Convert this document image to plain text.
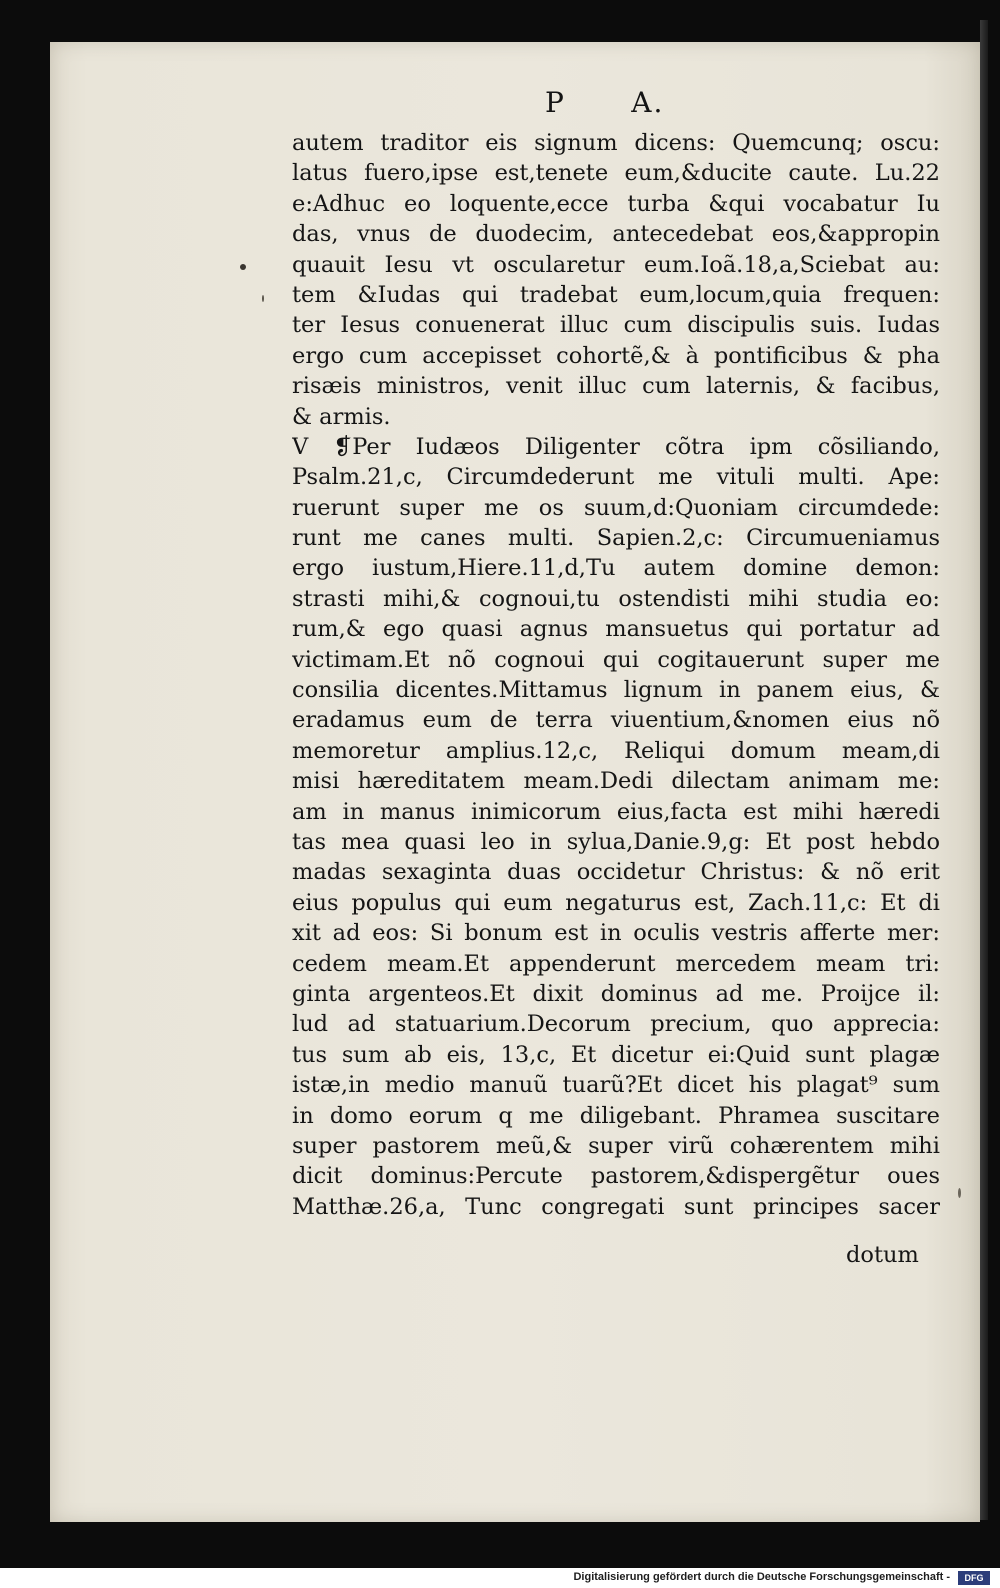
P      A.
autem traditor eis signum dicens: Quemcunq; oscu:
latus fuero,ipse est,tenete eum,&ducite caute. Lu.22
e:Adhuc eo loquente,ecce turba &qui vocabatur Iu
das, vnus de duodecim, antecedebat eos,&appropin
quauit Iesu vt oscularetur eum.Ioã.18,a,Sciebat au:
tem &Iudas qui tradebat eum,locum,quia frequen:
ter Iesus conuenerat illuc cum discipulis suis. Iudas
ergo cum accepisset cohortẽ,& à pontificibus & pha
risæis ministros, venit illuc cum laternis, & facibus,
& armis.
V ❡Per Iudæos Diligenter cõtra ipm cõsiliando,
Psalm.21,c, Circumdederunt me vituli multi. Ape:
ruerunt super me os suum,d:Quoniam circumdede:
runt me canes multi. Sapien.2,c: Circumueniamus
ergo iustum,Hiere.11,d,Tu autem domine demon:
strasti mihi,& cognoui,tu ostendisti mihi studia eo:
rum,& ego quasi agnus mansuetus qui portatur ad
victimam.Et nõ cognoui qui cogitauerunt super me
consilia dicentes.Mittamus lignum in panem eius, &
eradamus eum de terra viuentium,&nomen eius nõ
memoretur amplius.12,c, Reliqui domum meam,di
misi hæreditatem meam.Dedi dilectam animam me:
am in manus inimicorum eius,facta est mihi hæredi
tas mea quasi leo in sylua,Danie.9,g: Et post hebdo
madas sexaginta duas occidetur Christus: & nõ erit
eius populus qui eum negaturus est, Zach.11,c: Et di
xit ad eos: Si bonum est in oculis vestris afferte mer:
cedem meam.Et appenderunt mercedem meam tri:
ginta argenteos.Et dixit dominus ad me. Proijce il:
lud ad statuarium.Decorum precium, quo apprecia:
tus sum ab eis, 13,c, Et dicetur ei:Quid sunt plagæ
istæ,in medio manuũ tuarũ?Et dicet his plagat⁹ sum
in domo eorum q me diligebant. Phramea suscitare
super pastorem meũ,& super virũ cohærentem mihi
dicit dominus:Percute pastorem,&dispergẽtur oues
Matthæ.26,a, Tunc congregati sunt principes sacer
dotum
Digitalisierung gefördert durch die Deutsche Forschungsgemeinschaft -	DFG
